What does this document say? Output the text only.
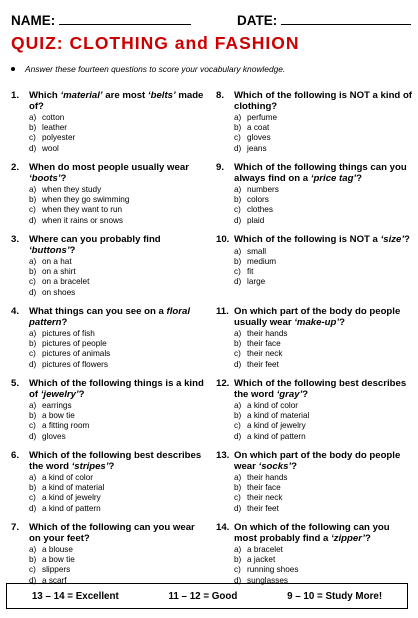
NAME:	DATE:
QUIZ: CLOTHING and FASHION
Answer these fourteen questions to score your vocabulary knowledge.
1.	Which ‘material’ are most ‘belts’ made of?
a) cotton
b) leather
c) polyester
d) wool
2.	When do most people usually wear ‘boots’?
a) when they study
b) when they go swimming
c) when they want to run
d) when it rains or snows
3.	Where can you probably find ‘buttons’?
a) on a hat
b) on a shirt
c) on a bracelet
d) on shoes
4.	What things can you see on a floral pattern?
a) pictures of fish
b) pictures of people
c) pictures of animals
d) pictures of flowers
5.	Which of the following things is a kind of ‘jewelry’?
a) earrings
b) a bow tie
c) a fitting room
d) gloves
6.	Which of the following best describes the word ‘stripes’?
a) a kind of color
b) a kind of material
c) a kind of jewelry
d) a kind of pattern
7.	Which of the following can you wear on your feet?
a) a blouse
b) a bow tie
c) slippers
d) a scarf
8.	Which of the following is NOT a kind of clothing?
a) perfume
b) a coat
c) gloves
d) jeans
9.	Which of the following things can you always find on a ‘price tag’?
a) numbers
b) colors
c) clothes
d) plaid
10. Which of the following is NOT a ‘size’?
a) small
b) medium
c) fit
d) large
11. On which part of the body do people usually wear ‘make-up’?
a) their hands
b) their face
c) their neck
d) their feet
12. Which of the following best describes the word ‘gray’?
a) a kind of color
b) a kind of material
c) a kind of jewelry
d) a kind of pattern
13. On which part of the body do people wear ‘socks’?
a) their hands
b) their face
c) their neck
d) their feet
14. On which of the following can you most probably find a ‘zipper’?
a) a bracelet
b) a jacket
c) running shoes
d) sunglasses
13 – 14 = Excellent	11 – 12 = Good	9 – 10 = Study More!
